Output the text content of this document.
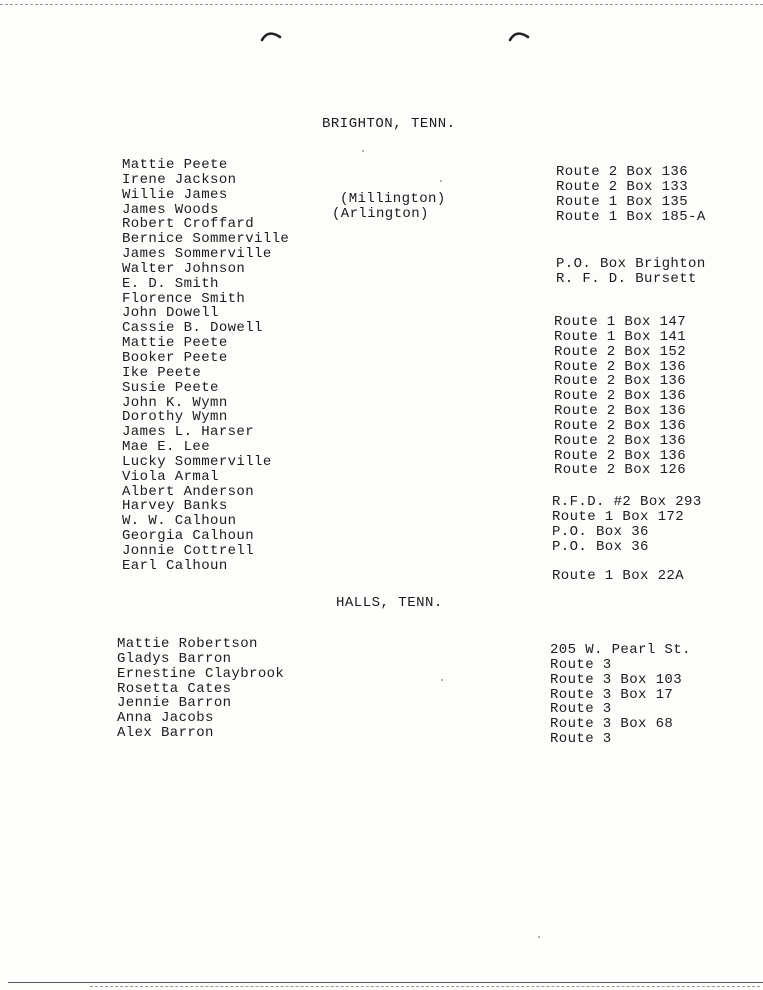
BRIGHTON, TENN.
Mattie Peete
Irene Jackson
Willie James
James Woods
Robert Croffard
Bernice Sommerville
James Sommerville
Walter Johnson
E. D. Smith
Florence Smith
John Dowell
Cassie B. Dowell
Mattie Peete
Booker Peete
Ike Peete
Susie Peete
John K. Wymn
Dorothy Wymn
James L. Harser
Mae E. Lee
Lucky Sommerville
Viola Armal
Albert Anderson
Harvey Banks
W. W. Calhoun
Georgia Calhoun
Jonnie Cottrell
Earl Calhoun
(Millington)
(Arlington)
Route 2 Box 136
Route 2 Box 133
Route 1 Box 135
Route 1 Box 185-A
P.O. Box Brighton
R. F. D. Bursett
Route 1 Box 147
Route 1 Box 141
Route 2 Box 152
Route 2 Box 136
Route 2 Box 136
Route 2 Box 136
Route 2 Box 136
Route 2 Box 136
Route 2 Box 136
Route 2 Box 136
Route 2 Box 126
R.F.D. #2 Box 293
Route 1 Box 172
P.O. Box 36
P.O. Box 36
Route 1 Box 22A
HALLS, TENN.
Mattie Robertson
Gladys Barron
Ernestine Claybrook
Rosetta Cates
Jennie Barron
Anna Jacobs
Alex Barron
205 W. Pearl St.
Route 3
Route 3 Box 103
Route 3 Box 17
Route 3
Route 3 Box 68
Route 3
